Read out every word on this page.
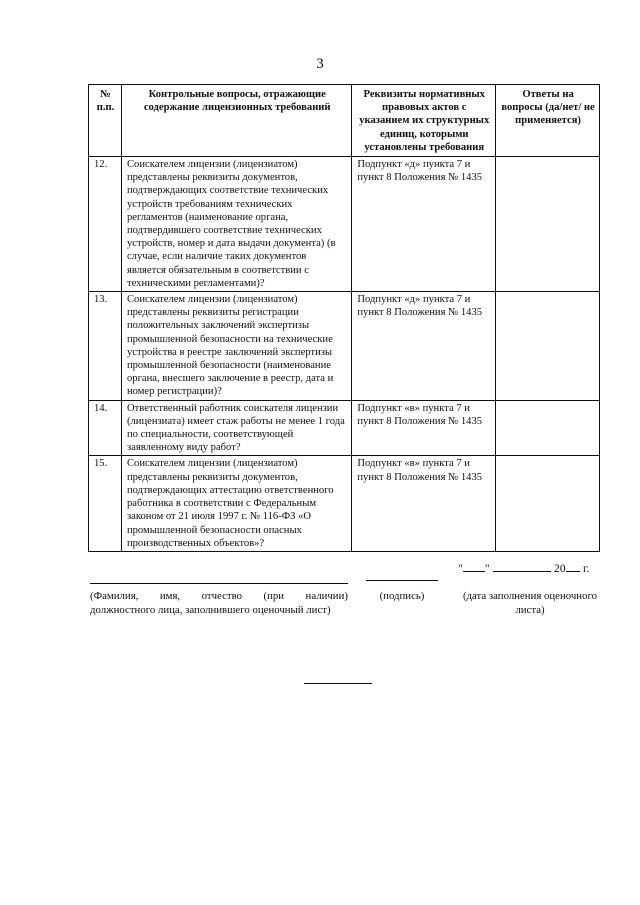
3
№
п.п.	Контрольные вопросы, отражающие содержание лицензионных требований	Реквизиты нормативных правовых актов с указанием их структурных единиц, которыми установлены требования	Ответы на вопросы (да/нет/ не применяется)
12.	Соискателем лицензии (лицензиатом) представлены реквизиты документов, подтверждающих соответствие технических устройств требованиям технических регламентов (наименование органа, подтвердившего соответствие технических устройств, номер и дата выдачи документа) (в случае, если наличие таких документов является обязательным в соответствии с техническими регламентами)?	Подпункт «д» пункта 7 и пункт 8 Положения № 1435	
13.	Соискателем лицензии (лицензиатом) представлены реквизиты регистрации положительных заключений экспертизы промышленной безопасности на технические устройства в реестре заключений экспертизы промышленной безопасности (наименование органа, внесшего заключение в реестр, дата и номер регистрации)?	Подпункт «д» пункта 7 и пункт 8 Положения № 1435	
14.	Ответственный работник соискателя лицензии (лицензиата) имеет стаж работы не менее 1 года по специальности, соответствующей заявленному виду работ?	Подпункт «в» пункта 7 и пункт 8 Положения № 1435	
15.	Соискателем лицензии (лицензиатом) представлены реквизиты документов, подтверждающих аттестацию ответственного работника в соответствии с Федеральным законом от 21 июля 1997 г. № 116-ФЗ «О промышленной безопасности опасных производственных объектов»?	Подпункт «в» пункта 7 и пункт 8 Положения № 1435	
" "	20 г.
(Фамилия, имя, отчество (при наличии)
должностного лица, заполнившего оценочный лист)
(подпись)	(дата заполнения оценочного листа)
